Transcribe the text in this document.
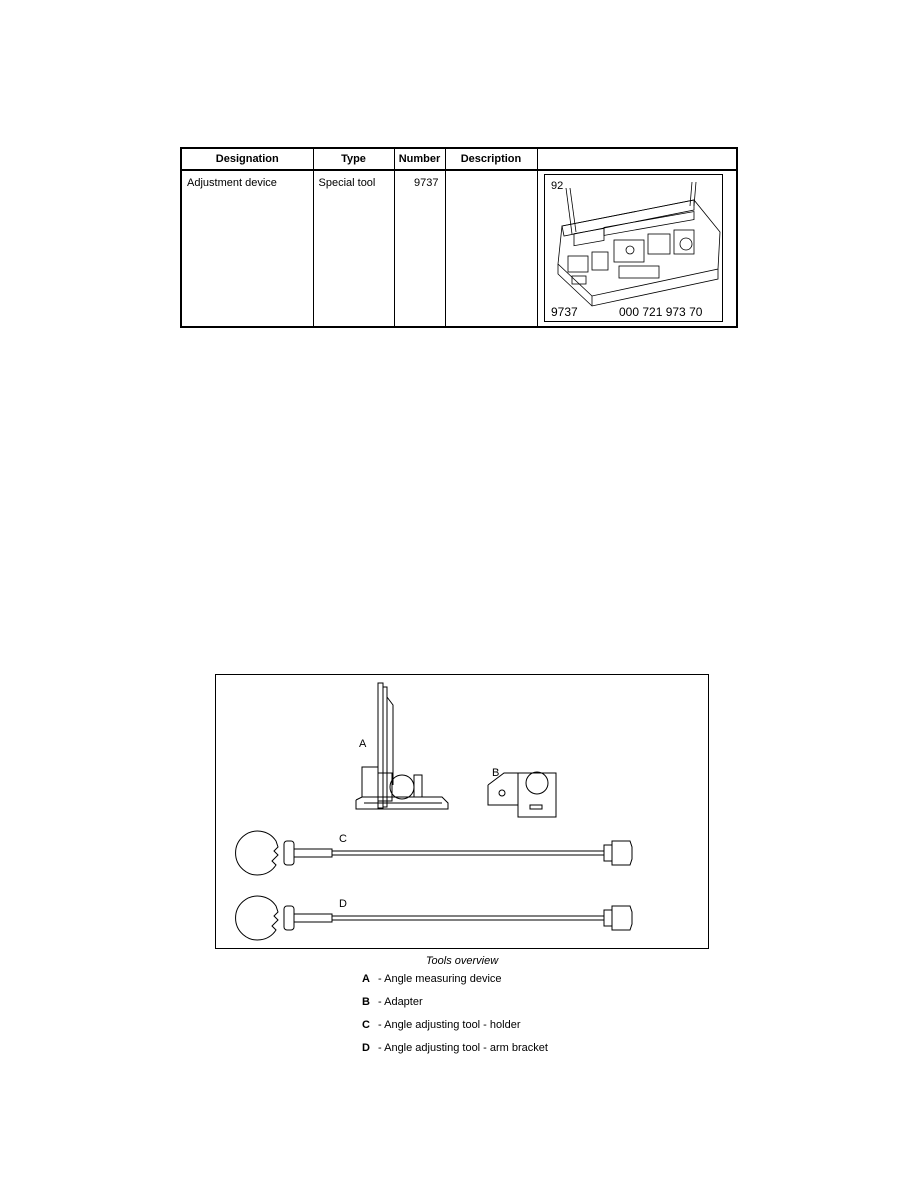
Designation	Type	Number	Description	
Adjustment device	Special tool	9737		92
9737 000 721 973 70
A
B
C
D
Tools overview
A - Angle measuring device
B - Adapter
C - Angle adjusting tool - holder
D - Angle adjusting tool - arm bracket
